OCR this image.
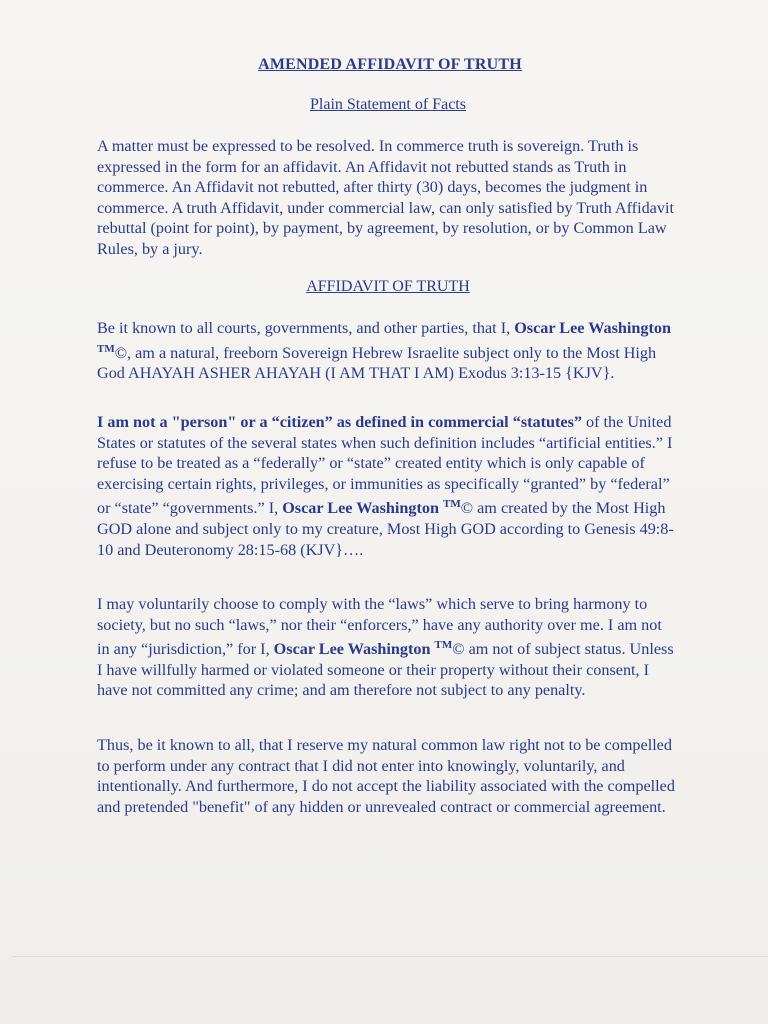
AMENDED AFFIDAVIT OF TRUTH
Plain Statement of Facts
A matter must be expressed to be resolved. In commerce truth is sovereign. Truth is expressed in the form for an affidavit. An Affidavit not rebutted stands as Truth in commerce. An Affidavit not rebutted, after thirty (30) days, becomes the judgment in commerce. A truth Affidavit, under commercial law, can only satisfied by Truth Affidavit rebuttal (point for point), by payment, by agreement, by resolution, or by Common Law Rules, by a jury.
AFFIDAVIT OF TRUTH
Be it known to all courts, governments, and other parties, that I, Oscar Lee Washington ™©, am a natural, freeborn Sovereign Hebrew Israelite subject only to the Most High God AHAYAH ASHER AHAYAH (I AM THAT I AM) Exodus 3:13-15 {KJV}.
I am not a "person" or a “citizen” as defined in commercial “statutes” of the United States or statutes of the several states when such definition includes “artificial entities.” I refuse to be treated as a “federally” or “state” created entity which is only capable of exercising certain rights, privileges, or immunities as specifically “granted” by “federal” or “state” “governments.” I, Oscar Lee Washington ™© am created by the Most High GOD alone and subject only to my creature, Most High GOD according to Genesis 49:8-10 and Deuteronomy 28:15-68 (KJV}….
I may voluntarily choose to comply with the “laws” which serve to bring harmony to society, but no such “laws,” nor their “enforcers,” have any authority over me. I am not in any “jurisdiction,” for I, Oscar Lee Washington ™© am not of subject status. Unless I have willfully harmed or violated someone or their property without their consent, I have not committed any crime; and am therefore not subject to any penalty.
Thus, be it known to all, that I reserve my natural common law right not to be compelled to perform under any contract that I did not enter into knowingly, voluntarily, and intentionally. And furthermore, I do not accept the liability associated with the compelled and pretended "benefit" of any hidden or unrevealed contract or commercial agreement.
